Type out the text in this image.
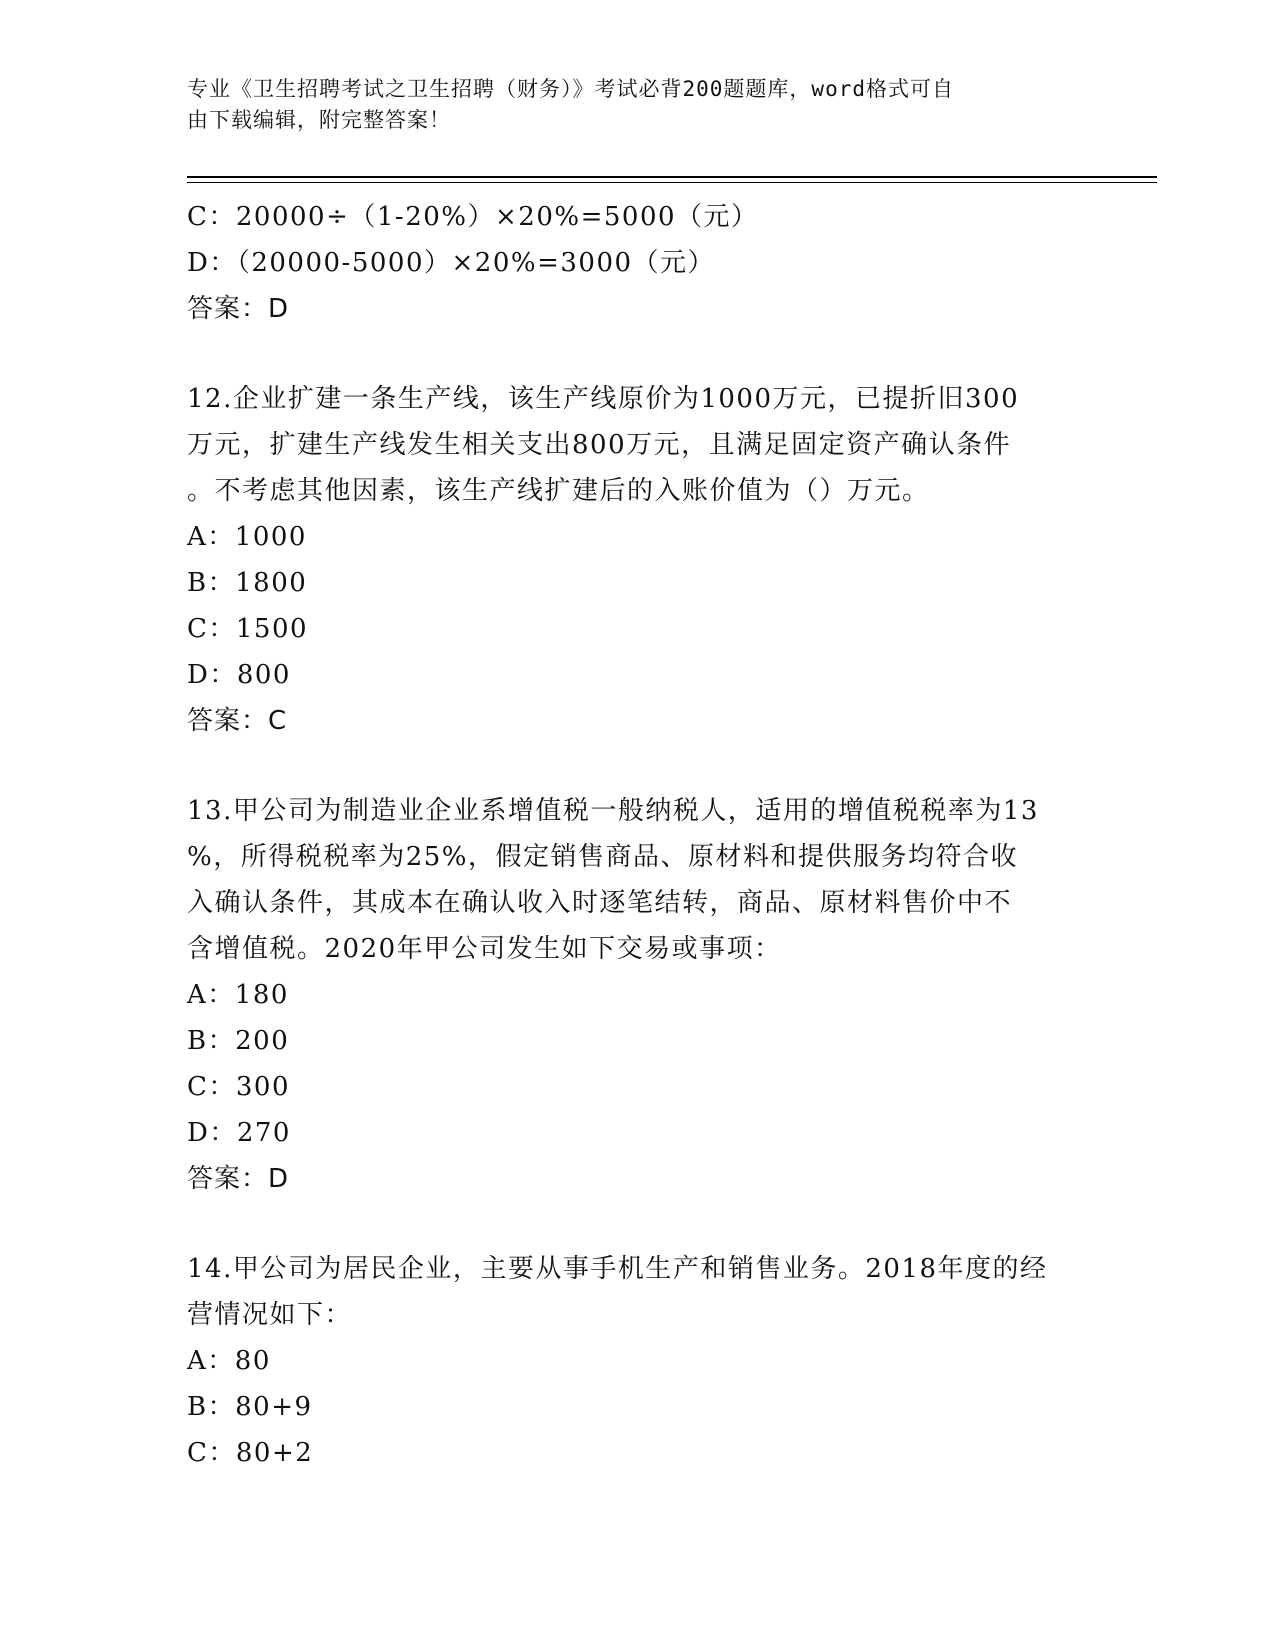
专业《卫生招聘考试之卫生招聘（财务）》考试必背200题题库，word格式可自
由下载编辑，附完整答案！
C：20000÷（1-20%）×20%=5000（元）
D：（20000-5000）×20%=3000（元）
答案：D
12.企业扩建一条生产线，该生产线原价为1000万元，已提折旧300
万元，扩建生产线发生相关支出800万元，且满足固定资产确认条件
。不考虑其他因素，该生产线扩建后的入账价值为（）万元。
A：1000
B：1800
C：1500
D：800
答案：C
13.甲公司为制造业企业系增值税一般纳税人，适用的增值税税率为13
%，所得税税率为25%，假定销售商品、原材料和提供服务均符合收
入确认条件，其成本在确认收入时逐笔结转，商品、原材料售价中不
含增值税。2020年甲公司发生如下交易或事项：
A：180
B：200
C：300
D：270
答案：D
14.甲公司为居民企业，主要从事手机生产和销售业务。2018年度的经
营情况如下：
A：80
B：80+9
C：80+2
